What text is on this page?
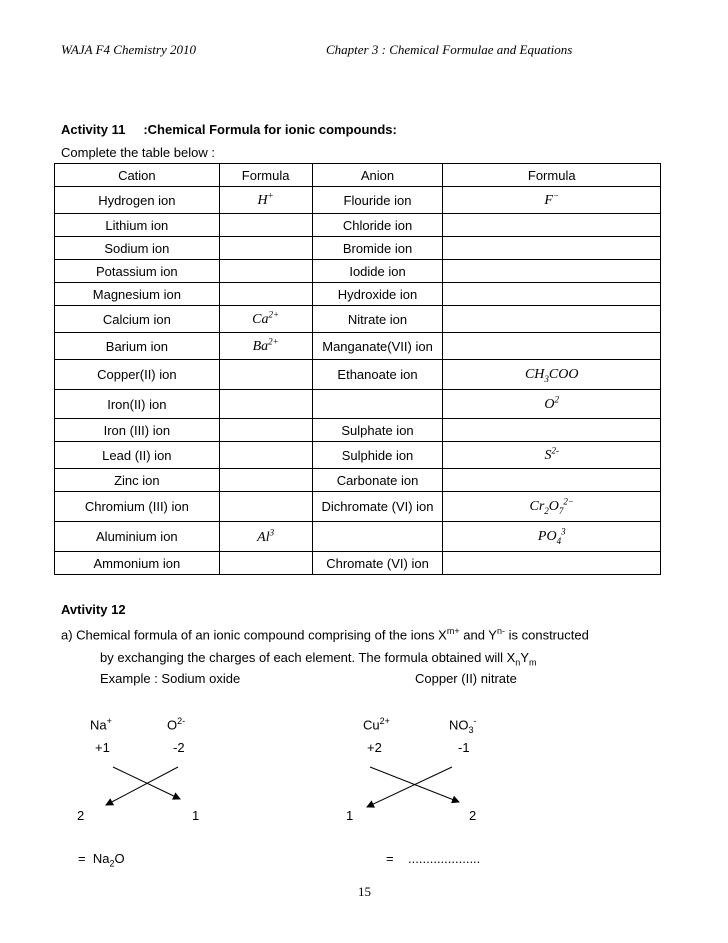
WAJA F4 Chemistry 2010	Chapter 3 : Chemical Formulae and Equations
Activity 11 :Chemical Formula for ionic compounds:
Complete the table below :
Cation	Formula	Anion	Formula
Hydrogen ion	H+	Flouride ion	F−
Lithium ion		Chloride ion	
Sodium ion		Bromide ion	
Potassium ion		Iodide ion	
Magnesium ion		Hydroxide ion	
Calcium ion	$Ca^{2+}$	Nitrate ion	
Barium ion	$Ba^{2+}$	Manganate(VII) ion	
Copper(II) ion		Ethanoate ion	$CH_3COO$
Iron(II) ion			$O^2$
Iron (III) ion		Sulphate ion	
Lead (II) ion		Sulphide ion	$S^{2-}$
Zinc ion		Carbonate ion	
Chromium (III) ion		Dichromate (VI) ion	$Cr_2O_7^{2-}$
Aluminium ion	Al$^3$		$PO_4^3$
Ammonium ion		Chromate (VI) ion	
Avtivity 12
a) Chemical formula of an ionic compound comprising of the ions $X^{m+}$ and $Y^{n-}$ is constructed
by exchanging the charges of each element. The formula obtained will $X_nY_m$
Example : Sodium oxide	Copper (II) nitrate
Na+	$O^{2-}$	$Cu^{2+}$	$NO_3^-$
+1	-2	+2	-1
2	1	1	2
= $Na_2O$	= ....................
15
